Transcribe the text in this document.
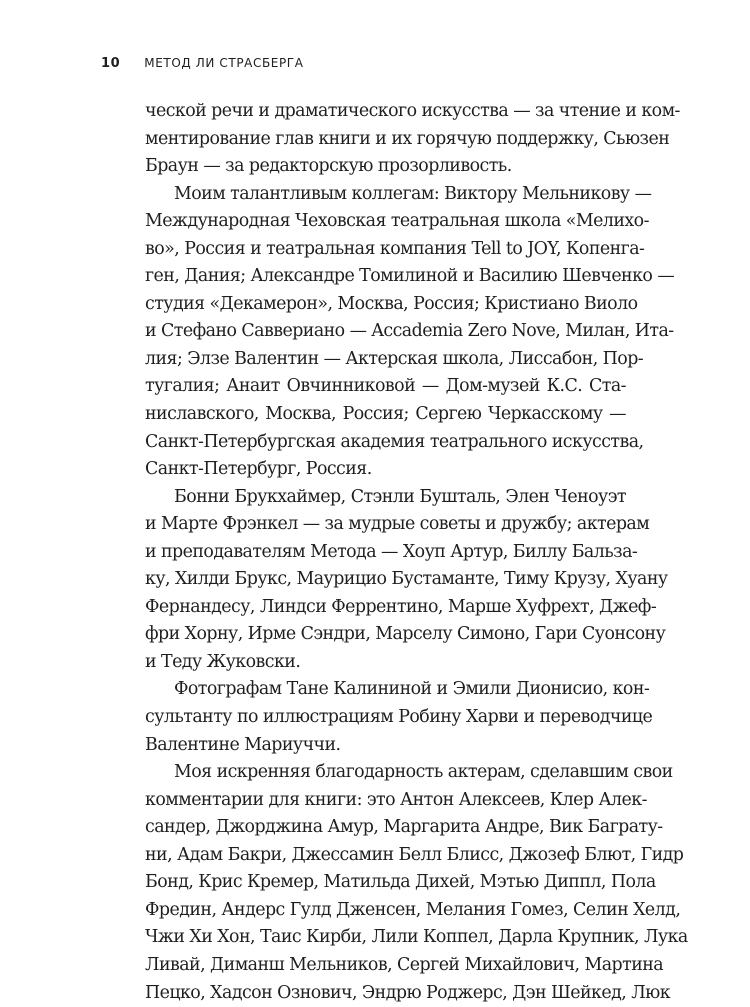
10 МЕТОД ЛИ СТРАСБЕРГА
ческой речи и драматического искусства — за чтение и ком-
ментирование глав книги и их горячую поддержку, Сьюзен
Браун — за редакторскую прозорливость.
Моим талантливым коллегам: Виктору Мельникову —
Международная Чеховская театральная школа «Мелихо-
во», Россия и театральная компания Tell to JOY, Копенга-
ген, Дания; Александре Томилиной и Василию Шевченко —
студия «Декамерон», Москва, Россия; Кристиано Виоло
и Стефано Саввериано — Accademia Zero Nove, Милан, Ита-
лия; Элзе Валентин — Актерская школа, Лиссабон, Пор-
тугалия; Анаит Овчинниковой — Дом-музей К.С. Ста-
ниславского, Москва, Россия; Сергею Черкасскому —
Санкт-Петербургская академия театрального искусства,
Санкт-Петербург, Россия.
Бонни Брукхаймер, Стэнли Бушталь, Элен Ченоуэт
и Марте Фрэнкел — за мудрые советы и дружбу; актерам
и преподавателям Метода — Хоуп Артур, Биллу Бальза-
ку, Хилди Брукс, Маурицио Бустаманте, Тиму Крузу, Хуану
Фернандесу, Линдси Феррентино, Марше Хуфрехт, Джеф-
фри Хорну, Ирме Сэндри, Марселу Симоно, Гари Суонсону
и Теду Жуковски.
Фотографам Тане Калининой и Эмили Дионисио, кон-
сультанту по иллюстрациям Робину Харви и переводчице
Валентине Мариуччи.
Моя искренняя благодарность актерам, сделавшим свои
комментарии для книги: это Антон Алексеев, Клер Алек-
сандер, Джорджина Амур, Маргарита Андре, Вик Баграту-
ни, Адам Бакри, Джессамин Белл Блисс, Джозеф Блют, Гидр
Бонд, Крис Кремер, Матильда Дихей, Мэтью Диппл, Пола
Фредин, Андерс Гулд Дженсен, Мелания Гомез, Селин Хелд,
Чжи Хи Хон, Таис Кирби, Лили Коппел, Дарла Крупник, Лука
Ливай, Диманш Мельников, Сергей Михайлович, Мартина
Пецко, Хадсон Ознович, Эндрю Роджерс, Дэн Шейкед, Люк
